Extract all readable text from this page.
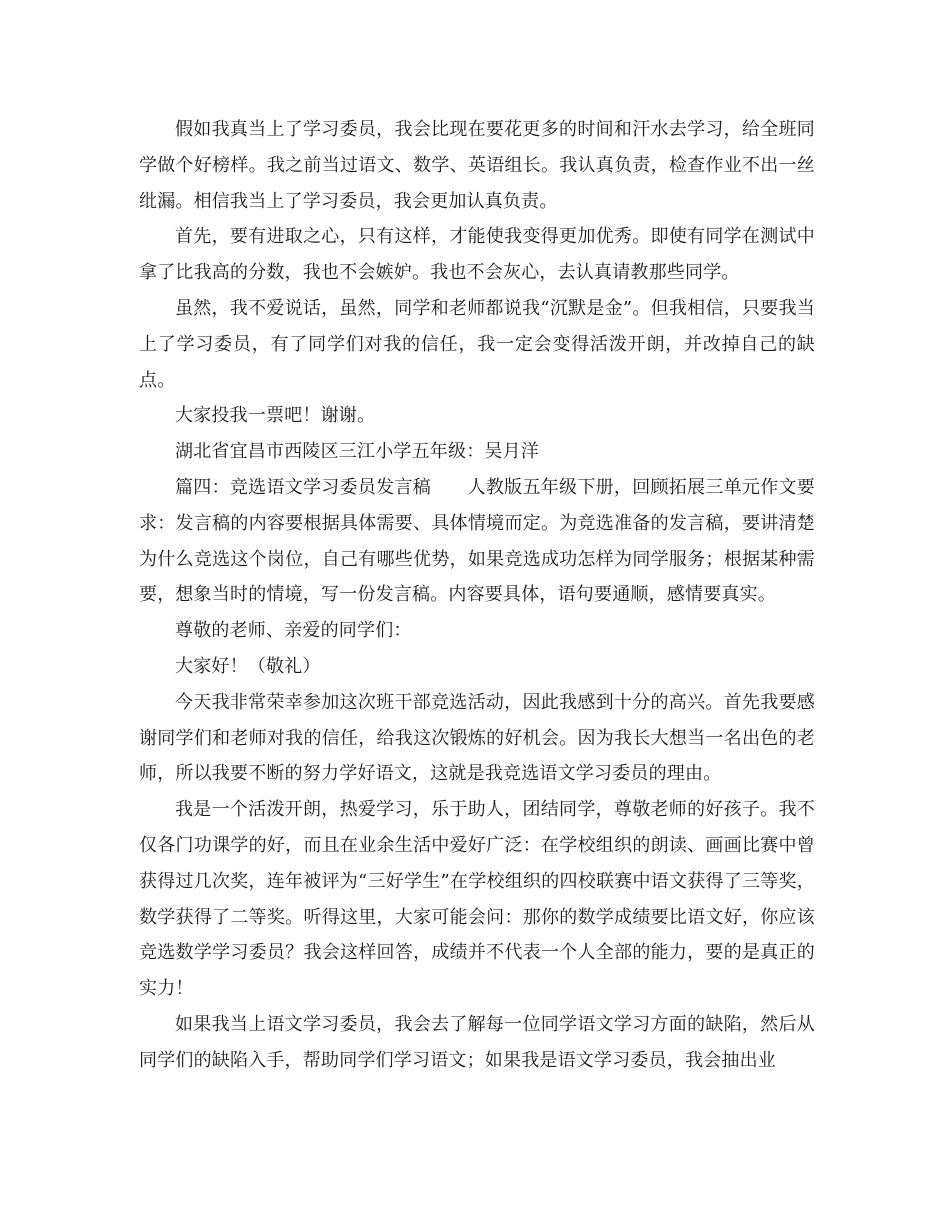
假如我真当上了学习委员，我会比现在要花更多的时间和汗水去学习，给全班同学做个好榜样。我之前当过语文、数学、英语组长。我认真负责，检查作业不出一丝纰漏。相信我当上了学习委员，我会更加认真负责。

首先，要有进取之心，只有这样，才能使我变得更加优秀。即使有同学在测试中拿了比我高的分数，我也不会嫉妒。我也不会灰心，去认真请教那些同学。

虽然，我不爱说话，虽然，同学和老师都说我“沉默是金”。但我相信，只要我当上了学习委员，有了同学们对我的信任，我一定会变得活泼开朗，并改掉自己的缺点。

大家投我一票吧！谢谢。

湖北省宜昌市西陵区三江小学五年级：吴月洋

篇四：竞选语文学习委员发言稿　　人教版五年级下册，回顾拓展三单元作文要求：发言稿的内容要根据具体需要、具体情境而定。为竞选准备的发言稿，要讲清楚为什么竞选这个岗位，自己有哪些优势，如果竞选成功怎样为同学服务；根据某种需要，想象当时的情境，写一份发言稿。内容要具体，语句要通顺，感情要真实。

尊敬的老师、亲爱的同学们：

大家好！（敬礼）

今天我非常荣幸参加这次班干部竞选活动，因此我感到十分的高兴。首先我要感谢同学们和老师对我的信任，给我这次锻炼的好机会。因为我长大想当一名出色的老师，所以我要不断的努力学好语文，这就是我竞选语文学习委员的理由。

我是一个活泼开朗，热爱学习，乐于助人，团结同学，尊敬老师的好孩子。我不仅各门功课学的好，而且在业余生活中爱好广泛：在学校组织的朗读、画画比赛中曾获得过几次奖，连年被评为“三好学生”在学校组织的四校联赛中语文获得了三等奖，数学获得了二等奖。听得这里，大家可能会问：那你的数学成绩要比语文好，你应该竞选数学学习委员？我会这样回答，成绩并不代表一个人全部的能力，要的是真正的实力！

如果我当上语文学习委员，我会去了解每一位同学语文学习方面的缺陷，然后从同学们的缺陷入手，帮助同学们学习语文；如果我是语文学习委员，我会抽出业
